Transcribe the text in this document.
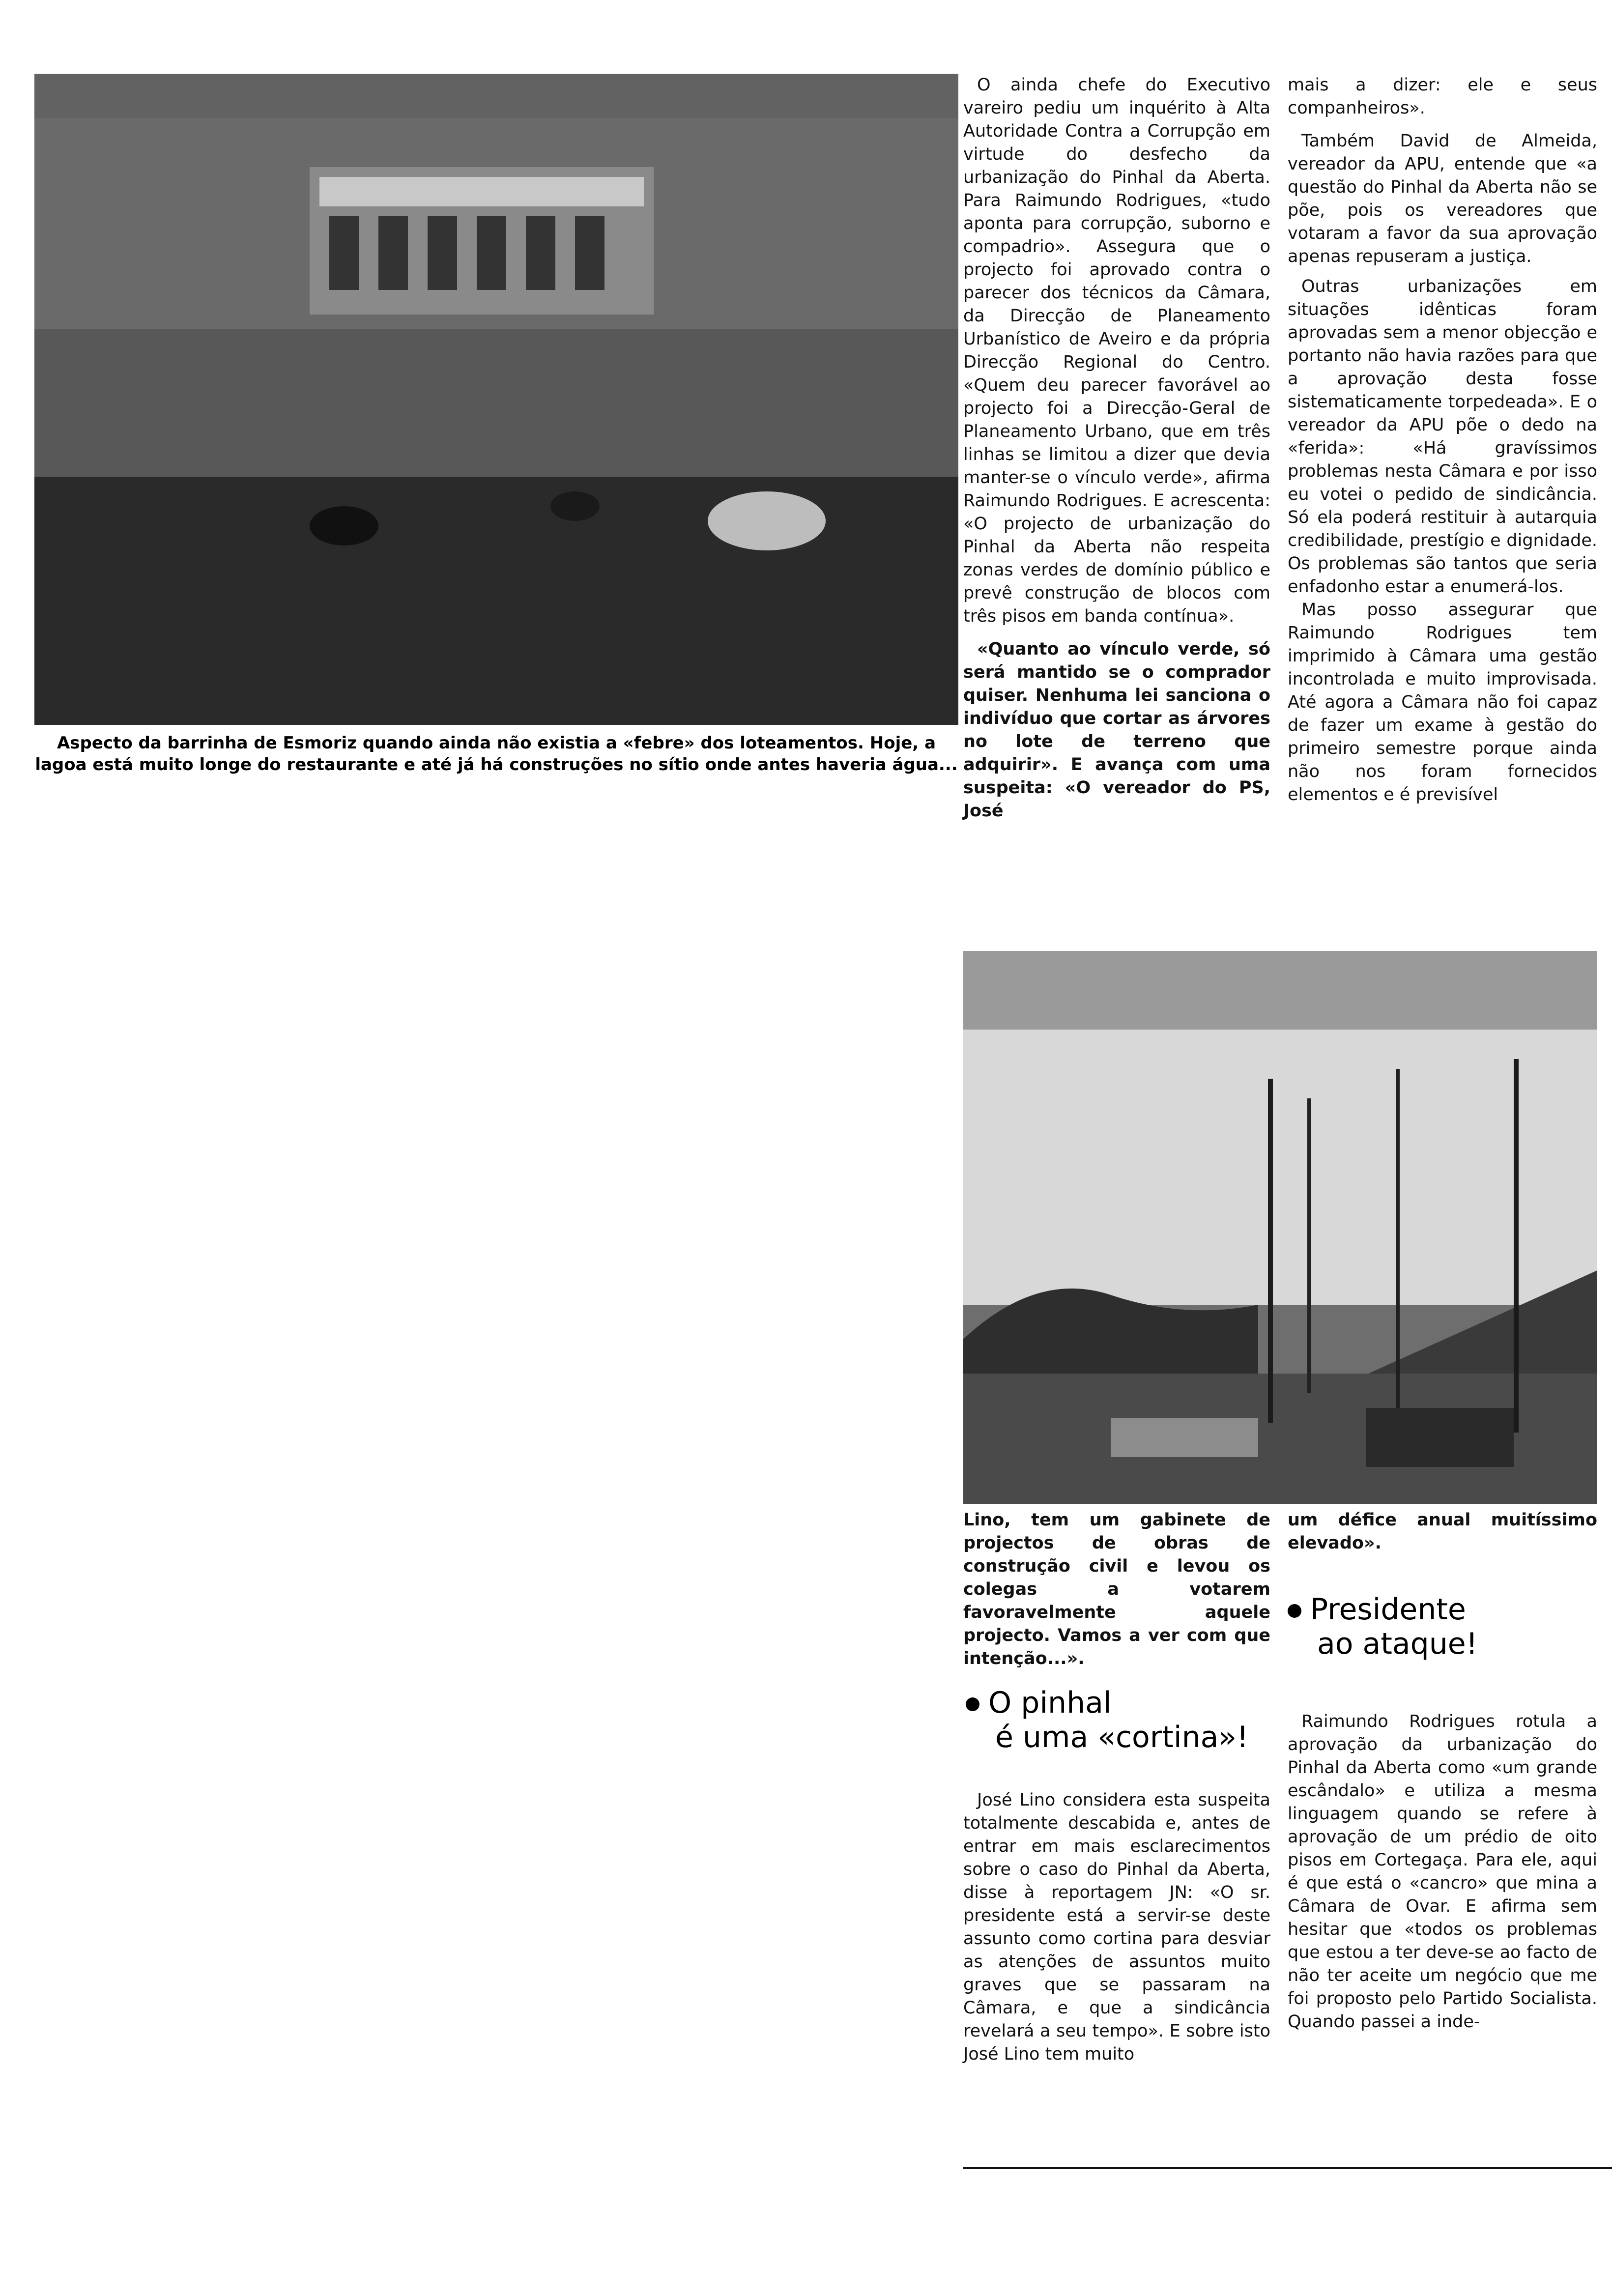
Aspecto da barrinha de Esmoriz quando ainda não existia a «febre» dos loteamentos. Hoje, a lagoa está muito longe do restaurante e até já há construções no sítio onde antes haveria água...

O ainda chefe do Executivo vareiro pediu um inquérito à Alta Autoridade Contra a Corrupção em virtude do desfecho da urbanização do Pinhal da Aberta. Para Raimundo Rodrigues, «tudo aponta para corrupção, suborno e compadrio». Assegura que o projecto foi aprovado contra o parecer dos técnicos da Câmara, da Direcção de Planeamento Urbanístico de Aveiro e da própria Direcção Regional do Centro. «Quem deu parecer favorável ao projecto foi a Direcção-Geral de Planeamento Urbano, que em três linhas se limitou a dizer que devia manter-se o vínculo verde», afirma Raimundo Rodrigues. E acrescenta: «O projecto de urbanização do Pinhal da Aberta não respeita zonas verdes de domínio público e prevê construção de blocos com três pisos em banda contínua».

«Quanto ao vínculo verde, só será mantido se o comprador quiser. Nenhuma lei sanciona o indivíduo que cortar as árvores no lote de terreno que adquirir». E avança com uma suspeita: «O vereador do PS, José

mais a dizer: ele e seus companheiros».

Também David de Almeida, vereador da APU, entende que «a questão do Pinhal da Aberta não se põe, pois os vereadores que votaram a favor da sua aprovação apenas repuseram a justiça.

Outras urbanizações em situações idênticas foram aprovadas sem a menor objecção e portanto não havia razões para que a aprovação desta fosse sistematicamente torpedeada». E o vereador da APU põe o dedo na «ferida»: «Há gravíssimos problemas nesta Câmara e por isso eu votei o pedido de sindicância. Só ela poderá restituir à autarquia credibilidade, prestígio e dignidade. Os problemas são tantos que seria enfadonho estar a enumerá-los.

Mas posso assegurar que Raimundo Rodrigues tem imprimido à Câmara uma gestão incontrolada e muito improvisada. Até agora a Câmara não foi capaz de fazer um exame à gestão do primeiro semestre porque ainda não nos foram fornecidos elementos e é previsível

Lino, tem um gabinete de projectos de obras de construção civil e levou os colegas a votarem favoravelmente aquele projecto. Vamos a ver com que intenção...».

O pinhal
é uma «cortina»!

José Lino considera esta suspeita totalmente descabida e, antes de entrar em mais esclarecimentos sobre o caso do Pinhal da Aberta, disse à reportagem JN: «O sr. presidente está a servir-se deste assunto como cortina para desviar as atenções de assuntos muito graves que se passaram na Câmara, e que a sindicância revelará a seu tempo». E sobre isto José Lino tem muito

um défice anual muitíssimo elevado».

Presidente
ao ataque!

Raimundo Rodrigues rotula a aprovação da urbanização do Pinhal da Aberta como «um grande escândalo» e utiliza a mesma linguagem quando se refere à aprovação de um prédio de oito pisos em Cortegaça. Para ele, aqui é que está o «cancro» que mina a Câmara de Ovar. E afirma sem hesitar que «todos os problemas que estou a ter deve-se ao facto de não ter aceite um negócio que me foi proposto pelo Partido Socialista. Quando passei a inde-
